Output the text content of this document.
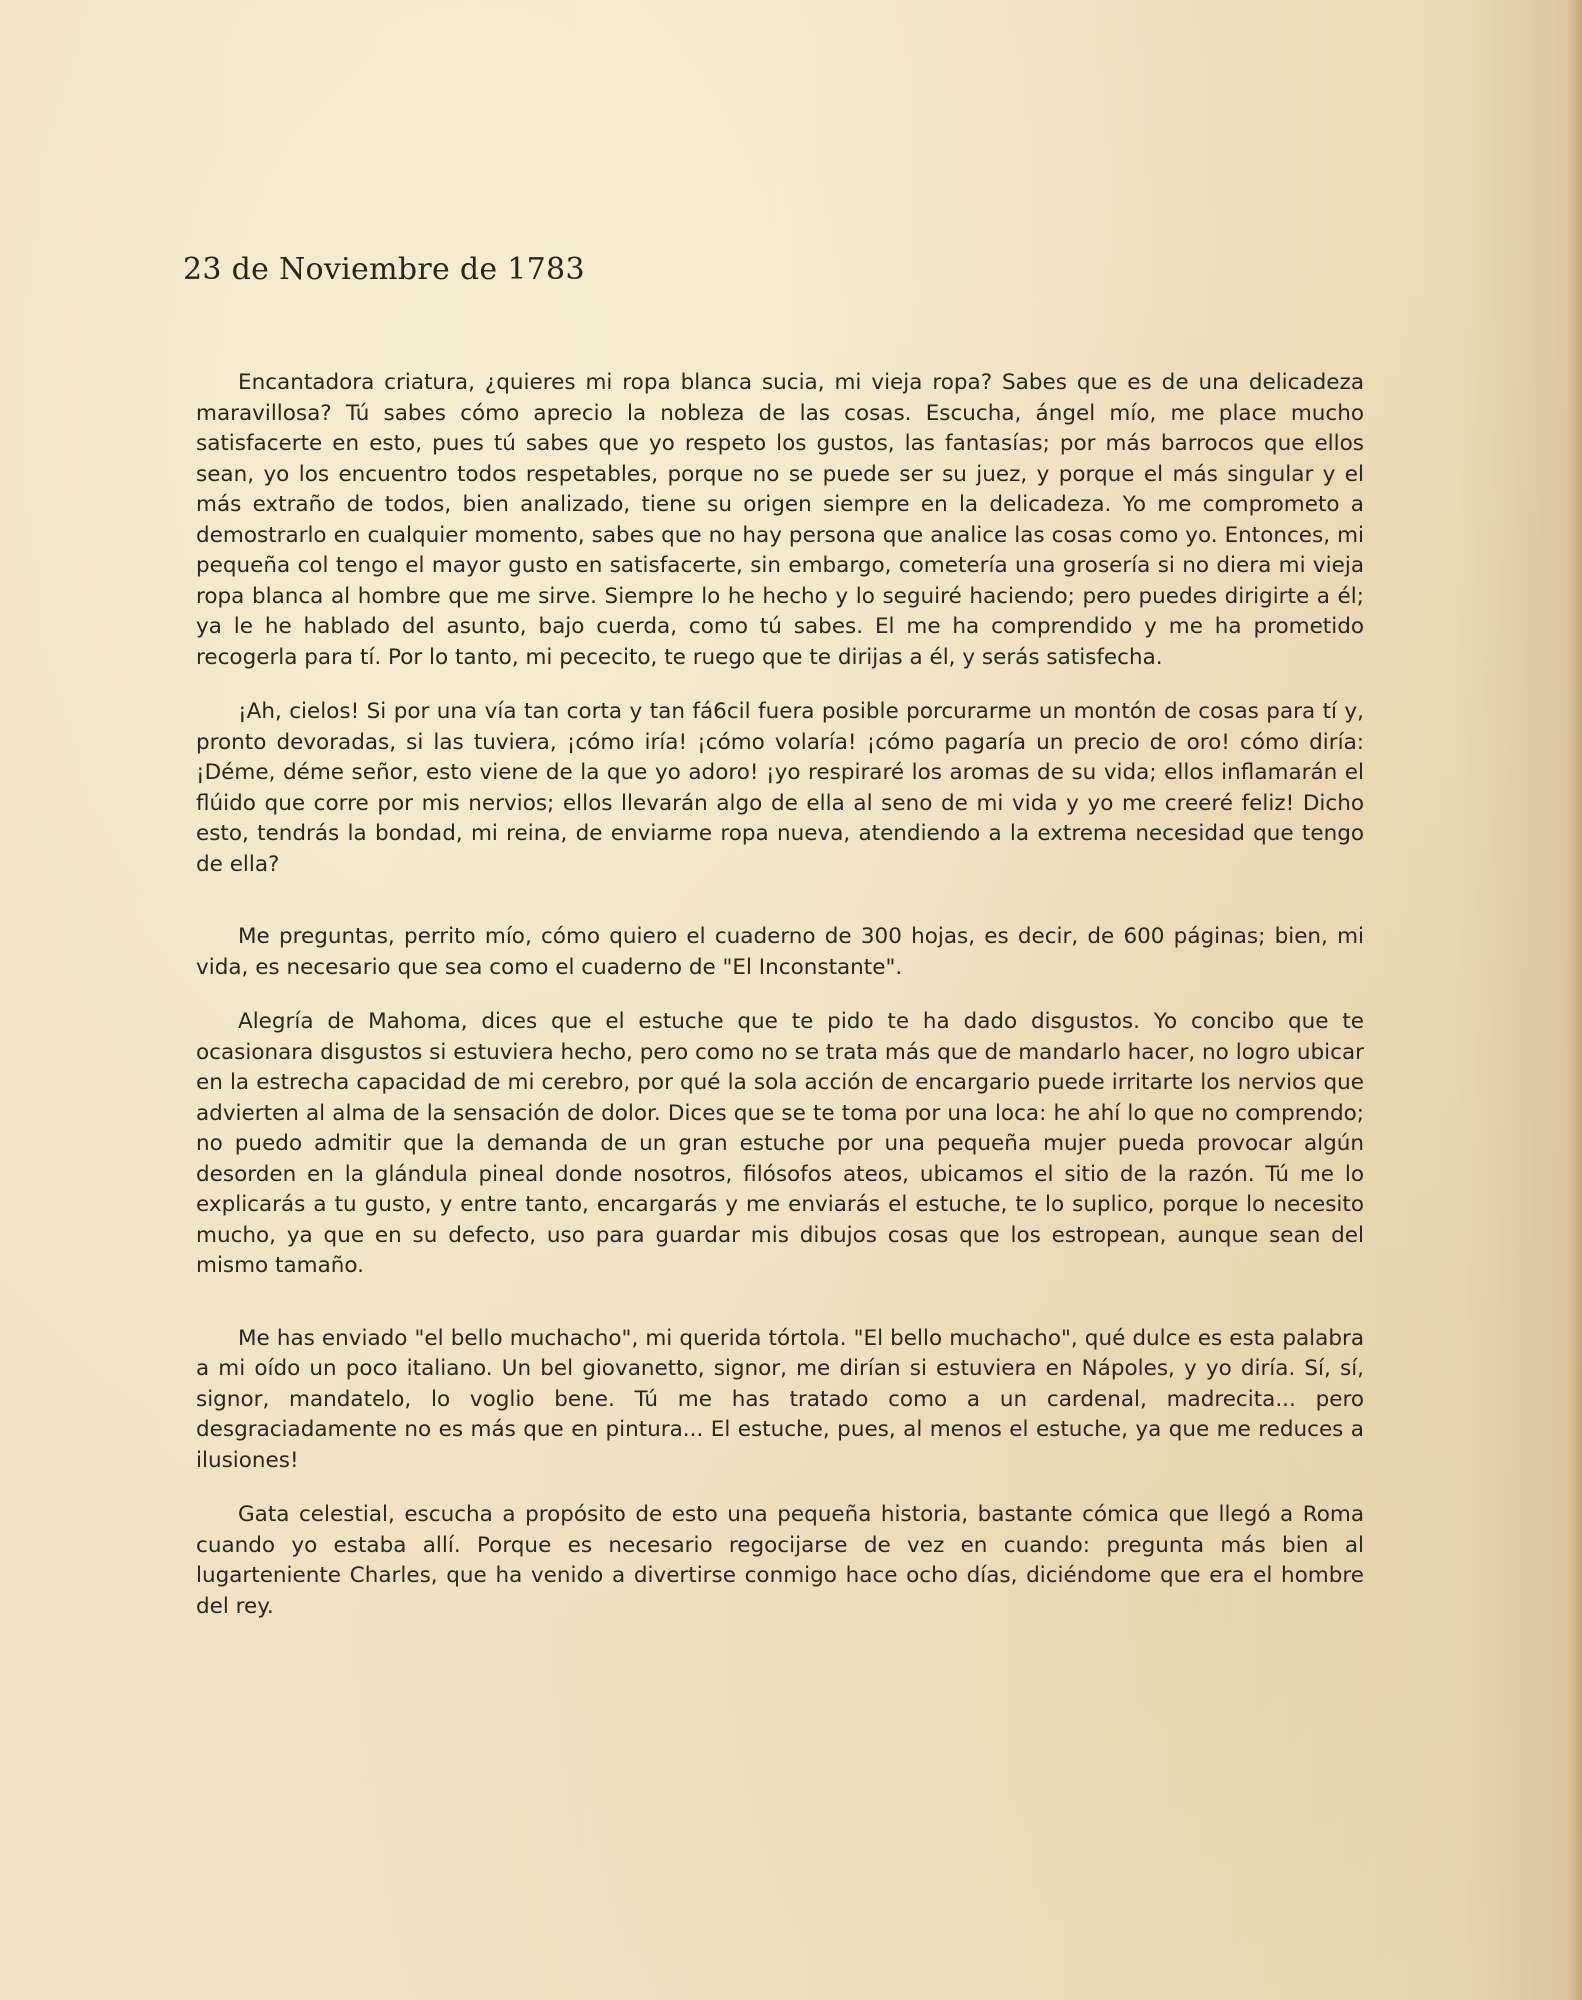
23 de Noviembre de 1783

Encantadora criatura, ¿quieres mi ropa blanca sucia, mi vieja ropa? Sabes que es de una delicadeza maravillosa? Tú sabes cómo aprecio la nobleza de las cosas. Escucha, ángel mío, me place mucho satisfacerte en esto, pues tú sabes que yo respeto los gustos, las fantasías; por más barrocos que ellos sean, yo los encuentro todos respetables, porque no se puede ser su juez, y porque el más singular y el más extraño de todos, bien analizado, tiene su origen siempre en la delicadeza. Yo me comprometo a demostrarlo en cualquier momento, sabes que no hay persona que analice las cosas como yo. Entonces, mi pequeña col tengo el mayor gusto en satisfacerte, sin embargo, cometería una grosería si no diera mi vieja ropa blanca al hombre que me sirve. Siempre lo he hecho y lo seguiré haciendo; pero puedes dirigirte a él; ya le he hablado del asunto, bajo cuerda, como tú sabes. El me ha comprendido y me ha prometido recogerla para tí. Por lo tanto, mi pececito, te ruego que te dirijas a él, y serás satisfecha.

¡Ah, cielos! Si por una vía tan corta y tan fá6cil fuera posible porcurarme un montón de cosas para tí y, pronto devoradas, si las tuviera, ¡cómo iría! ¡cómo volaría! ¡cómo pagaría un precio de oro! cómo diría: ¡Déme, déme señor, esto viene de la que yo adoro! ¡yo respiraré los aromas de su vida; ellos inflamarán el flúido que corre por mis nervios; ellos llevarán algo de ella al seno de mi vida y yo me creeré feliz! Dicho esto, tendrás la bondad, mi reina, de enviarme ropa nueva, atendiendo a la extrema necesidad que tengo de ella?

Me preguntas, perrito mío, cómo quiero el cuaderno de 300 hojas, es decir, de 600 páginas; bien, mi vida, es necesario que sea como el cuaderno de "El Inconstante".

Alegría de Mahoma, dices que el estuche que te pido te ha dado disgustos. Yo concibo que te ocasionara disgustos si estuviera hecho, pero como no se trata más que de mandarlo hacer, no logro ubicar en la estrecha capacidad de mi cerebro, por qué la sola acción de encargario puede irritarte los nervios que advierten al alma de la sensación de dolor. Dices que se te toma por una loca: he ahí lo que no comprendo; no puedo admitir que la demanda de un gran estuche por una pequeña mujer pueda provocar algún desorden en la glándula pineal donde nosotros, filósofos ateos, ubicamos el sitio de la razón. Tú me lo explicarás a tu gusto, y entre tanto, encargarás y me enviarás el estuche, te lo suplico, porque lo necesito mucho, ya que en su defecto, uso para guardar mis dibujos cosas que los estropean, aunque sean del mismo tamaño.

Me has enviado "el bello muchacho", mi querida tórtola. "El bello muchacho", qué dulce es esta palabra a mi oído un poco italiano. Un bel giovanetto, signor, me dirían si estuviera en Nápoles, y yo diría. Sí, sí, signor, mandatelo, lo voglio bene. Tú me has tratado como a un cardenal, madrecita... pero desgraciadamente no es más que en pintura... El estuche, pues, al menos el estuche, ya que me reduces a ilusiones!

Gata celestial, escucha a propósito de esto una pequeña historia, bastante cómica que llegó a Roma cuando yo estaba allí. Porque es necesario regocijarse de vez en cuando: pregunta más bien al lugarteniente Charles, que ha venido a divertirse conmigo hace ocho días, diciéndome que era el hombre del rey.
